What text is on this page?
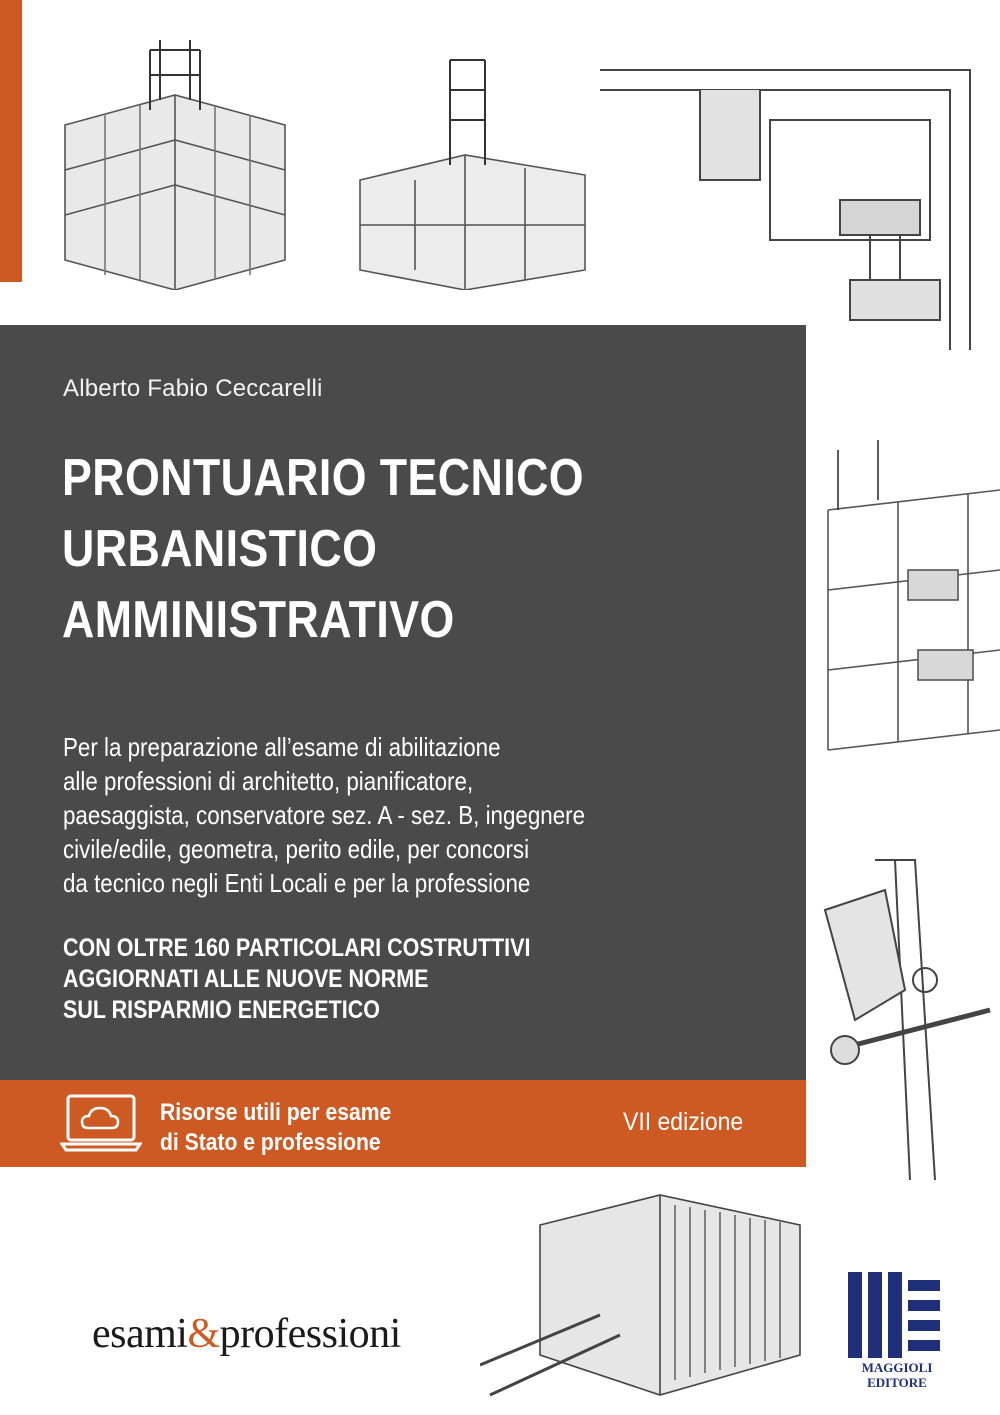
Alberto Fabio Ceccarelli
PRONTUARIO TECNICO
URBANISTICO
AMMINISTRATIVO
Per la preparazione all’esame di abilitazione
alle professioni di architetto, pianificatore,
paesaggista, conservatore sez. A - sez. B, ingegnere
civile/edile, geometra, perito edile, per concorsi
da tecnico negli Enti Locali e per la professione
CON OLTRE 160 PARTICOLARI COSTRUTTIVI
AGGIORNATI ALLE NUOVE NORME
SUL RISPARMIO ENERGETICO
Risorse utili per esame
di Stato e professione
VII edizione
esami&professioni
MAGGIOLI
EDITORE
